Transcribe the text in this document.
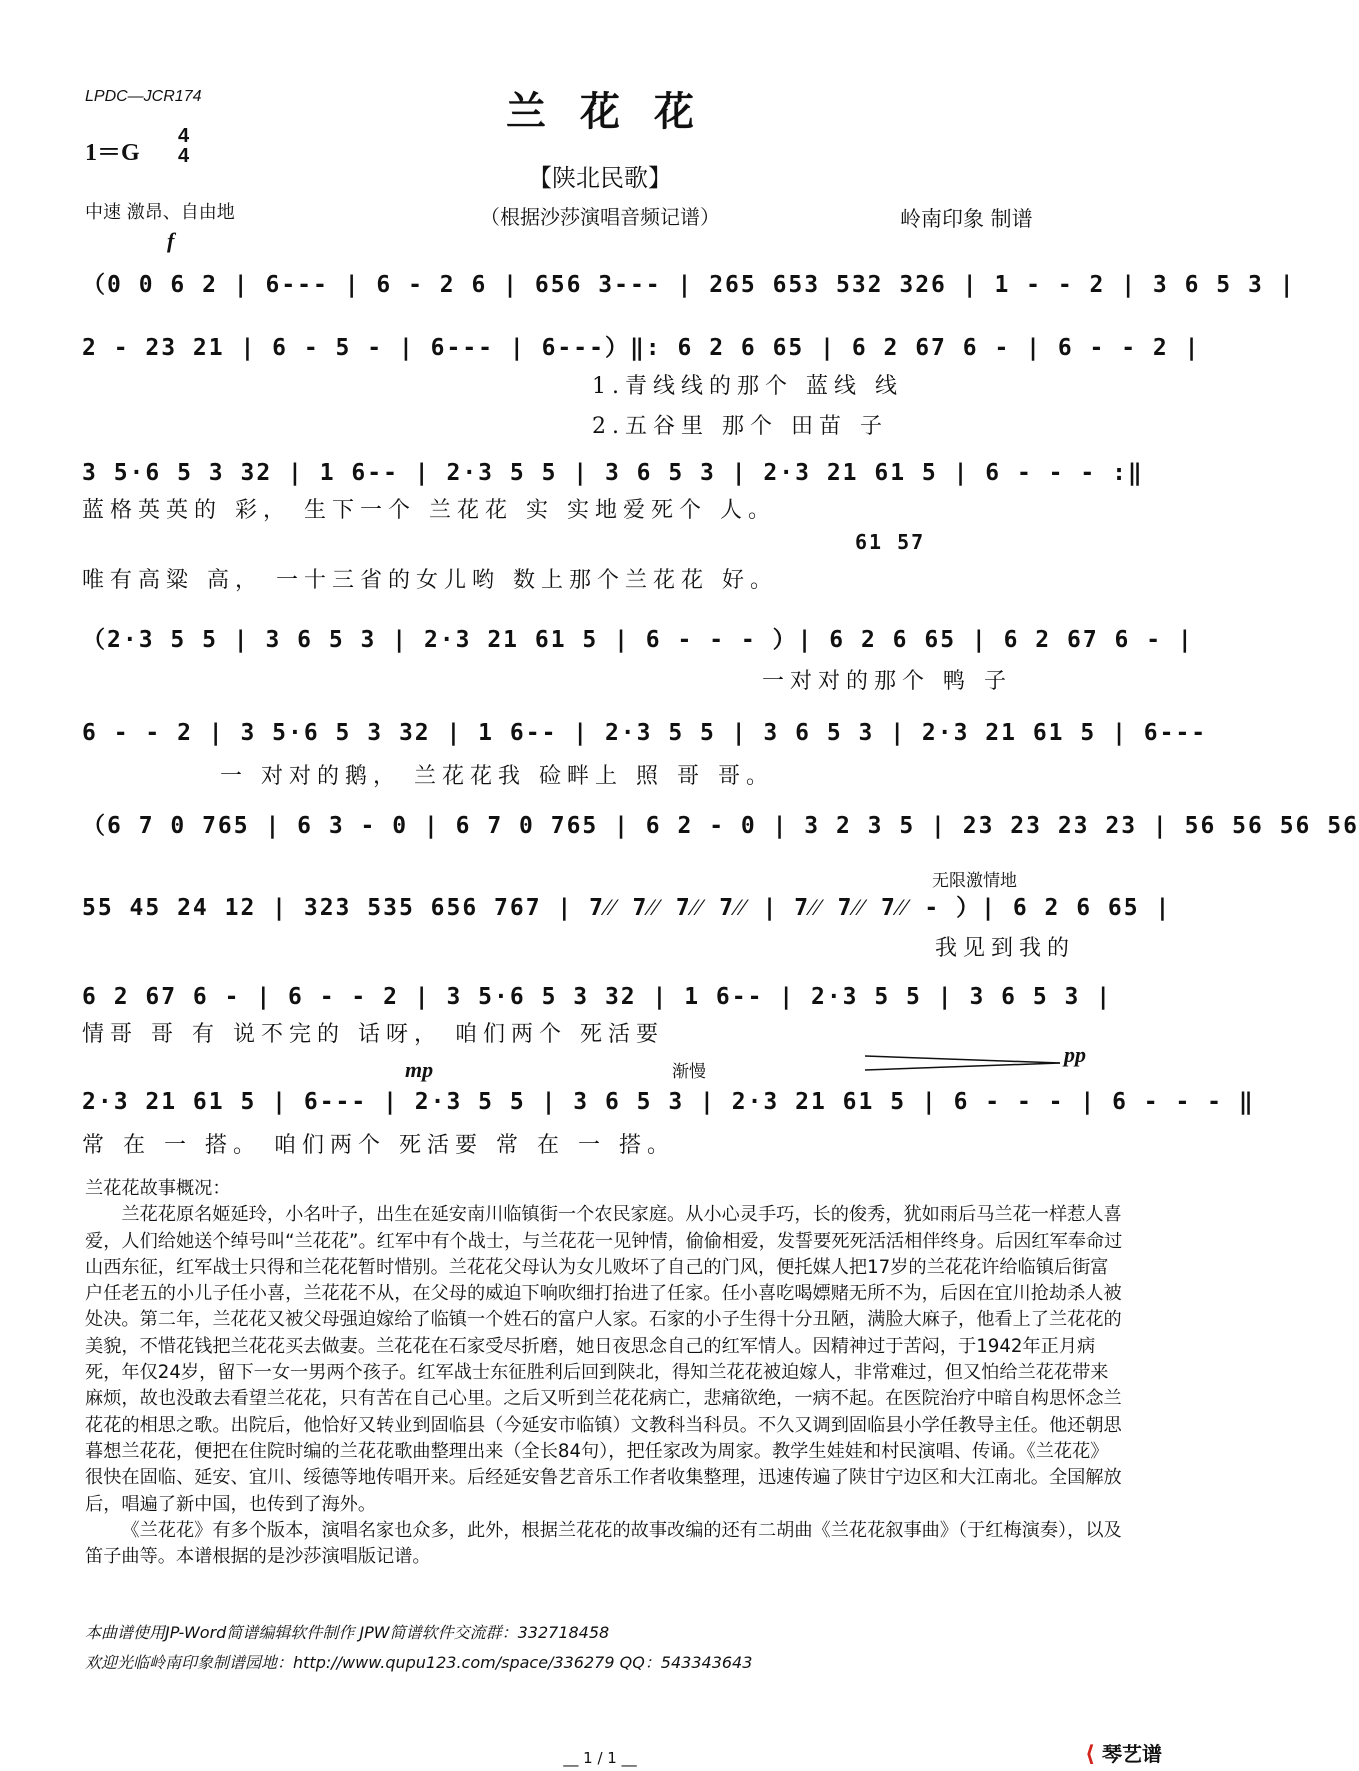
LPDC—JCR174	兰花花
1＝G
4
4
【陕北民歌】
中速 激昂、自由地	（根据沙莎演唱音频记谱）	岭南印象 制谱
f
（0 0 6 2 | 6--- | 6 - 2 6 | 656 3--- | 265 653 532 326 | 1 - - 2 | 3 6 5 3 |
2 - 23 21 | 6 - 5 - | 6--- | 6---）‖: 6 2 6 65 | 6 2 67 6 - | 6 - - 2 |
1.青线线的那个 蓝线 线
2.五谷里 那个 田苗 子
3 5·6 5 3 32 | 1 6-- | 2·3 5 5 | 3 6 5 3 | 2·3 21 61 5 | 6 - - - :‖
蓝格英英的 彩， 生下一个 兰花花 实 实地爱死个 人。
61 57
唯有高粱 高， 一十三省的女儿哟 数上那个兰花花 好。
（2·3 5 5 | 3 6 5 3 | 2·3 21 61 5 | 6 - - - ）| 6 2 6 65 | 6 2 67 6 - |
一对对的那个 鸭 子
6 - - 2 | 3 5·6 5 3 32 | 1 6-- | 2·3 5 5 | 3 6 5 3 | 2·3 21 61 5 | 6---
一 对对的鹅， 兰花花我 硷畔上 照 哥 哥。
（6 7 0 765 | 6 3 - 0 | 6 7 0 765 | 6 2 - 0 | 3 2 3 5 | 23 23 23 23 | 56 56 56 56
无限激情地
55 45 24 12 | 323 535 656 767 | 7⁄⁄ 7⁄⁄ 7⁄⁄ 7⁄⁄ | 7⁄⁄ 7⁄⁄ 7⁄⁄ - ）| 6 2 6 65 |
我见到我的
6 2 67 6 - | 6 - - 2 | 3 5·6 5 3 32 | 1 6-- | 2·3 5 5 | 3 6 5 3 |
情哥 哥 有 说不完的 话呀， 咱们两个 死活要
mp	渐慢
pp
2·3 21 61 5 | 6--- | 2·3 5 5 | 3 6 5 3 | 2·3 21 61 5 | 6 - - - | 6 - - - ‖
常 在 一 搭。 咱们两个 死活要 常 在 一 搭。

兰花花故事概况：

兰花花原名姬延玲，小名叶子，出生在延安南川临镇街一个农民家庭。从小心灵手巧，长的俊秀，犹如雨后马兰花一样惹人喜爱，人们给她送个绰号叫“兰花花”。红军中有个战士，与兰花花一见钟情，偷偷相爱，发誓要死死活活相伴终身。后因红军奉命过山西东征，红军战士只得和兰花花暂时惜别。兰花花父母认为女儿败坏了自己的门风，便托媒人把17岁的兰花花许给临镇后街富户任老五的小儿子任小喜，兰花花不从，在父母的威迫下响吹细打抬进了任家。任小喜吃喝嫖赌无所不为，后因在宜川抢劫杀人被处决。第二年，兰花花又被父母强迫嫁给了临镇一个姓石的富户人家。石家的小子生得十分丑陋，满脸大麻子，他看上了兰花花的美貌，不惜花钱把兰花花买去做妻。兰花花在石家受尽折磨，她日夜思念自己的红军情人。因精神过于苦闷，于1942年正月病死，年仅24岁，留下一女一男两个孩子。红军战士东征胜利后回到陕北，得知兰花花被迫嫁人，非常难过，但又怕给兰花花带来麻烦，故也没敢去看望兰花花，只有苦在自己心里。之后又听到兰花花病亡，悲痛欲绝，一病不起。在医院治疗中暗自构思怀念兰花花的相思之歌。出院后，他恰好又转业到固临县（今延安市临镇）文教科当科员。不久又调到固临县小学任教导主任。他还朝思暮想兰花花，便把在住院时编的兰花花歌曲整理出来（全长84句），把任家改为周家。教学生娃娃和村民演唱、传诵。《兰花花》很快在固临、延安、宜川、绥德等地传唱开来。后经延安鲁艺音乐工作者收集整理，迅速传遍了陕甘宁边区和大江南北。全国解放后，唱遍了新中国，也传到了海外。

《兰花花》有多个版本，演唱名家也众多，此外，根据兰花花的故事改编的还有二胡曲《兰花花叙事曲》（于红梅演奏），以及笛子曲等。本谱根据的是沙莎演唱版记谱。

本曲谱使用JP-Word简谱编辑软件制作 JPW简谱软件交流群：332718458
欢迎光临岭南印象制谱园地：http://www.qupu123.com/space/336279 QQ：543343643
__ 1 / 1 __	⟨ 琴艺谱
